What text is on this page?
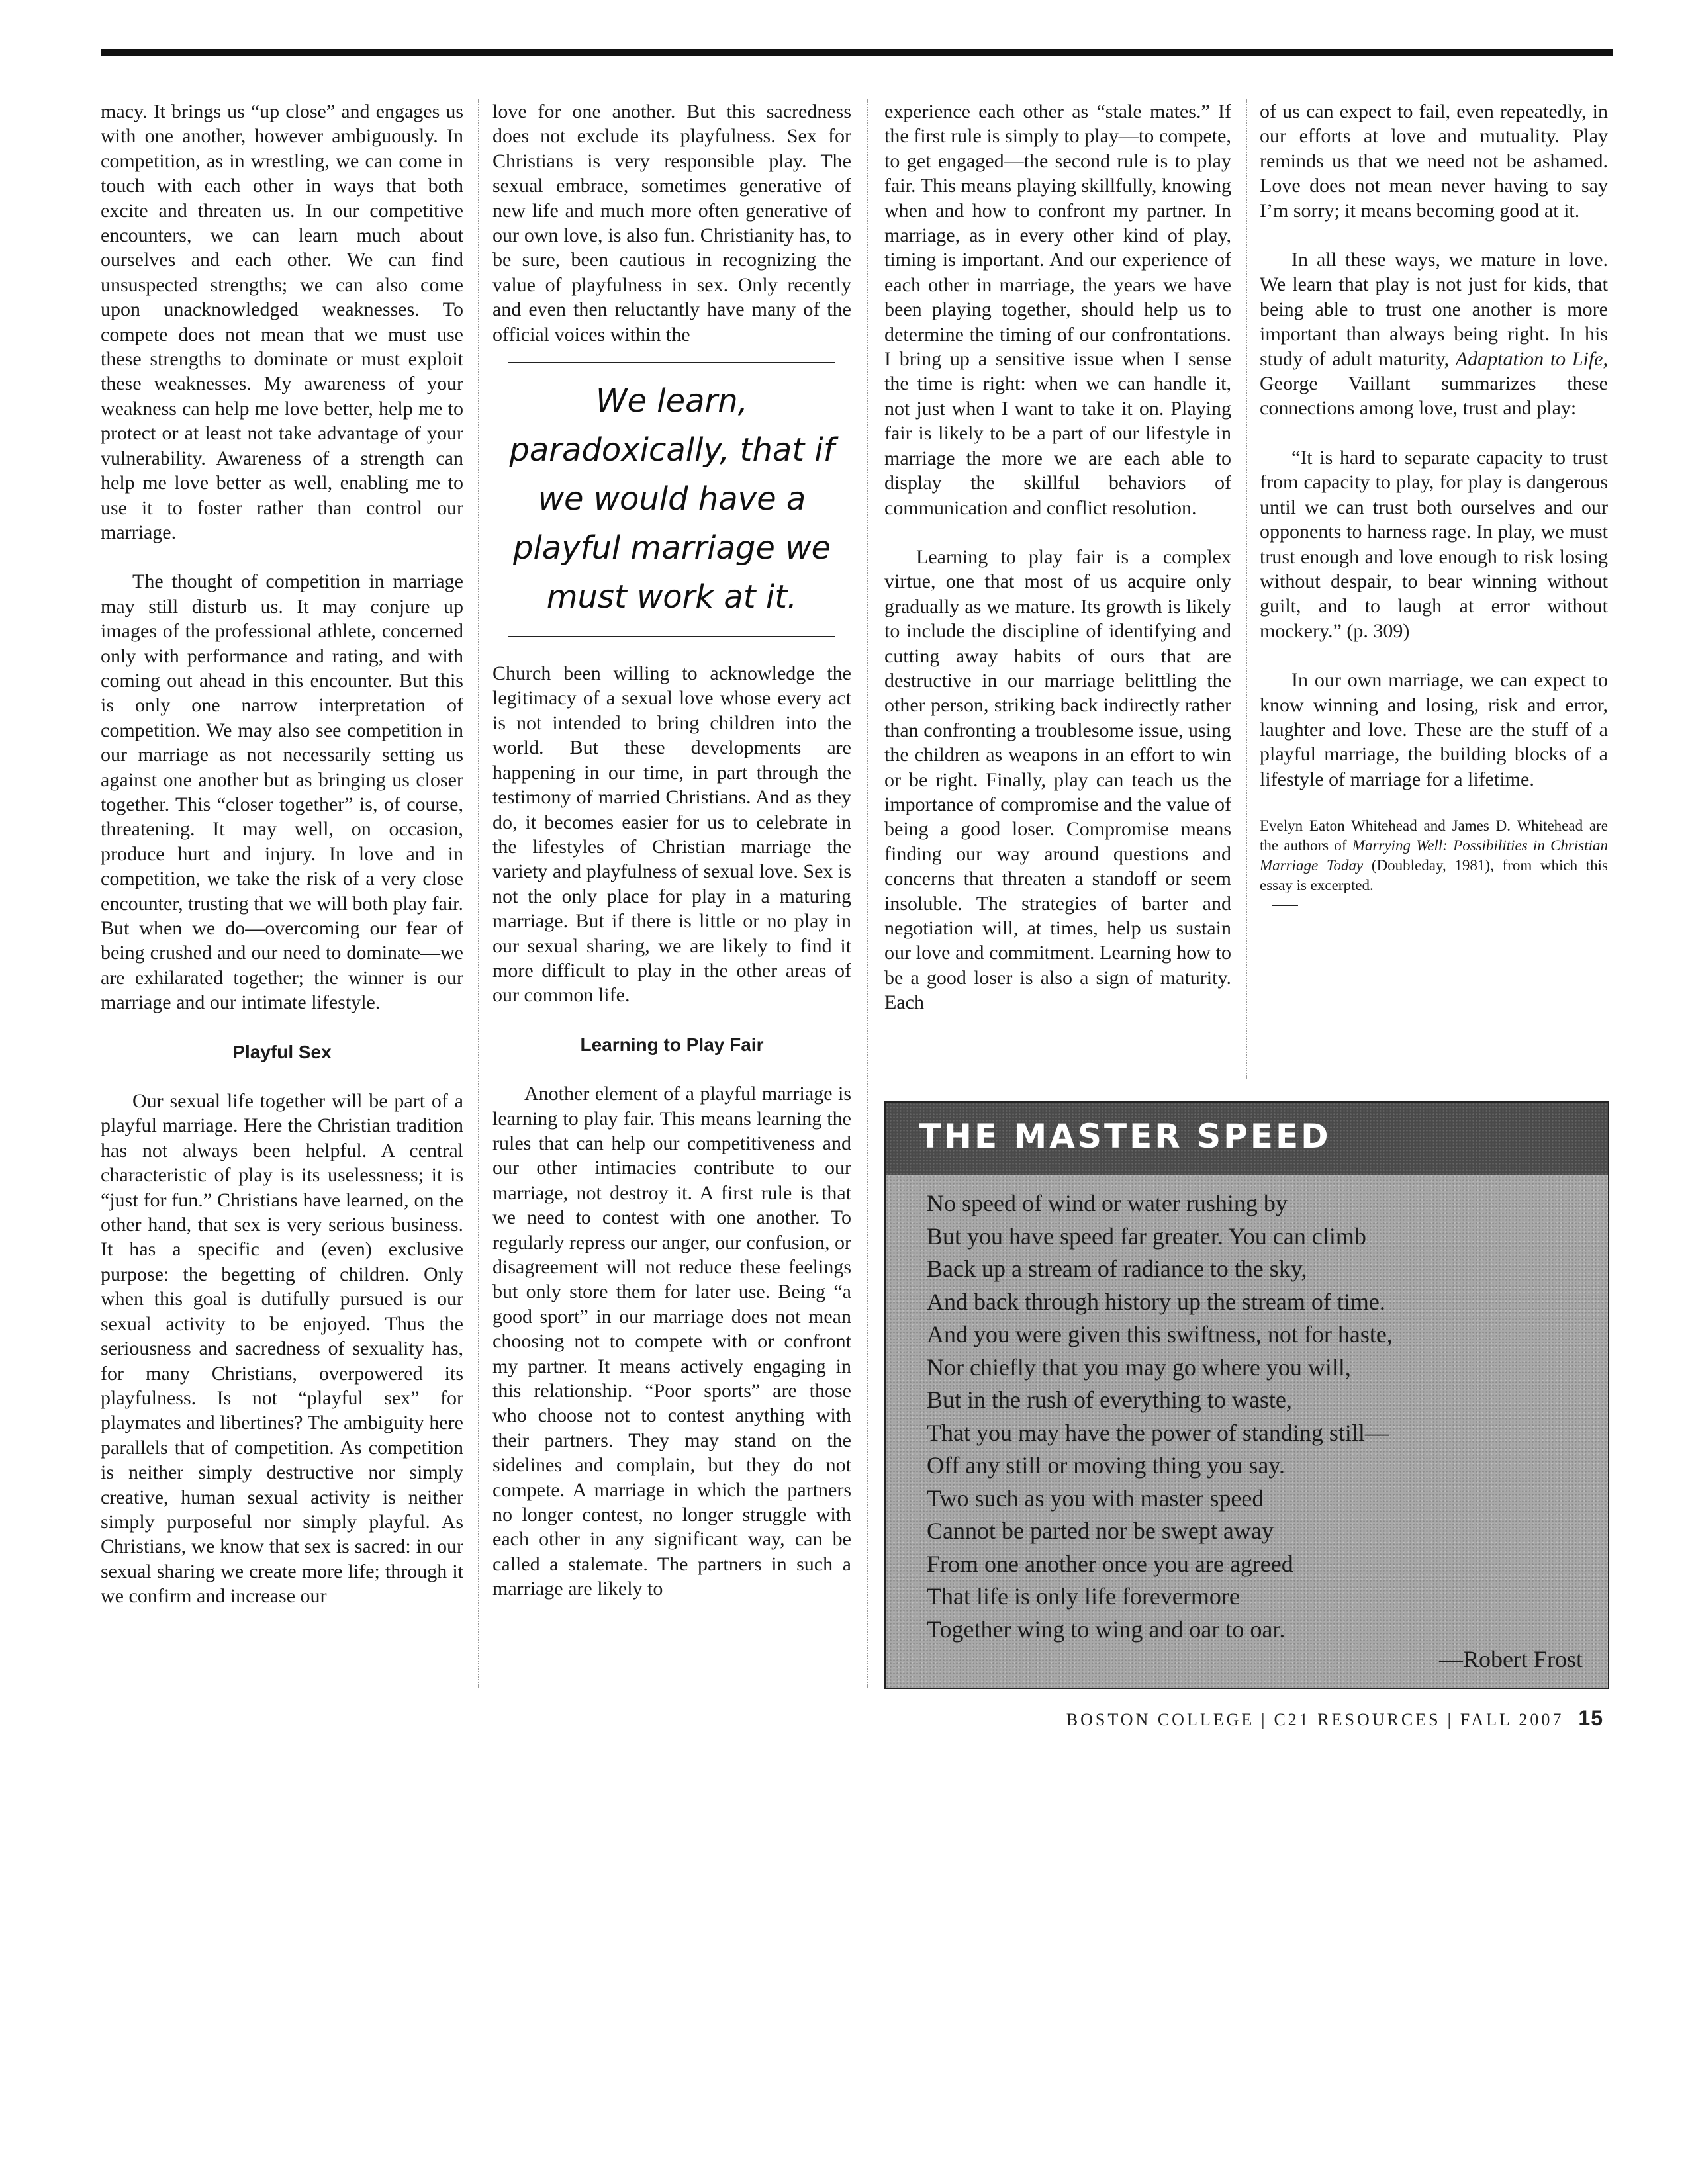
macy. It brings us “up close” and engages us with one another, however ambiguously. In competition, as in wrestling, we can come in touch with each other in ways that both excite and threaten us. In our competitive encounters, we can learn much about ourselves and each other. We can find unsuspected strengths; we can also come upon unacknowledged weaknesses. To compete does not mean that we must use these strengths to dominate or must exploit these weaknesses. My awareness of your weakness can help me love better, help me to protect or at least not take advantage of your vulnerability. Awareness of a strength can help me love better as well, enabling me to use it to foster rather than control our marriage.

The thought of competition in marriage may still disturb us. It may conjure up images of the professional athlete, concerned only with performance and rating, and with coming out ahead in this encounter. But this is only one narrow interpretation of competition. We may also see competition in our marriage as not necessarily setting us against one another but as bringing us closer together. This “closer together” is, of course, threatening. It may well, on occasion, produce hurt and injury. In love and in competition, we take the risk of a very close encounter, trusting that we will both play fair. But when we do—overcoming our fear of being crushed and our need to dominate—we are exhilarated together; the winner is our marriage and our intimate lifestyle.

Playful Sex

Our sexual life together will be part of a playful marriage. Here the Christian tradition has not always been helpful. A central characteristic of play is its uselessness; it is “just for fun.” Christians have learned, on the other hand, that sex is very serious business. It has a specific and (even) exclusive purpose: the begetting of children. Only when this goal is dutifully pursued is our sexual activity to be enjoyed. Thus the seriousness and sacredness of sexuality has, for many Christians, overpowered its playfulness. Is not “playful sex” for playmates and libertines? The ambiguity here parallels that of competition. As competition is neither simply destructive nor simply creative, human sexual activity is neither simply purposeful nor simply playful. As Christians, we know that sex is sacred: in our sexual sharing we create more life; through it we confirm and increase our

love for one another. But this sacredness does not exclude its playfulness. Sex for Christians is very responsible play. The sexual embrace, sometimes generative of new life and much more often generative of our own love, is also fun. Christianity has, to be sure, been cautious in recognizing the value of playfulness in sex. Only recently and even then reluctantly have many of the official voices within the

We learn, paradoxically, that if we would have a playful marriage we must work at it.

Church been willing to acknowledge the legitimacy of a sexual love whose every act is not intended to bring children into the world. But these developments are happening in our time, in part through the testimony of married Christians. And as they do, it becomes easier for us to celebrate in the lifestyles of Christian marriage the variety and playfulness of sexual love. Sex is not the only place for play in a maturing marriage. But if there is little or no play in our sexual sharing, we are likely to find it more difficult to play in the other areas of our common life.

Learning to Play Fair

Another element of a playful marriage is learning to play fair. This means learning the rules that can help our competitiveness and our other intimacies contribute to our marriage, not destroy it. A first rule is that we need to contest with one another. To regularly repress our anger, our confusion, or disagreement will not reduce these feelings but only store them for later use. Being “a good sport” in our marriage does not mean choosing not to compete with or confront my partner. It means actively engaging in this relationship. “Poor sports” are those who choose not to contest anything with their partners. They may stand on the sidelines and complain, but they do not compete. A marriage in which the partners no longer contest, no longer struggle with each other in any significant way, can be called a stalemate. The partners in such a marriage are likely to

experience each other as “stale mates.” If the first rule is simply to play—to compete, to get engaged—the second rule is to play fair. This means playing skillfully, knowing when and how to confront my partner. In marriage, as in every other kind of play, timing is important. And our experience of each other in marriage, the years we have been playing together, should help us to determine the timing of our confrontations. I bring up a sensitive issue when I sense the time is right: when we can handle it, not just when I want to take it on. Playing fair is likely to be a part of our lifestyle in marriage the more we are each able to display the skillful behaviors of communication and conflict resolution.

Learning to play fair is a complex virtue, one that most of us acquire only gradually as we mature. Its growth is likely to include the discipline of identifying and cutting away habits of ours that are destructive in our marriage belittling the other person, striking back indirectly rather than confronting a troublesome issue, using the children as weapons in an effort to win or be right. Finally, play can teach us the importance of compromise and the value of being a good loser. Compromise means finding our way around questions and concerns that threaten a standoff or seem insoluble. The strategies of barter and negotiation will, at times, help us sustain our love and commitment. Learning how to be a good loser is also a sign of maturity. Each

of us can expect to fail, even repeatedly, in our efforts at love and mutuality. Play reminds us that we need not be ashamed. Love does not mean never having to say I’m sorry; it means becoming good at it.

In all these ways, we mature in love. We learn that play is not just for kids, that being able to trust one another is more important than always being right. In his study of adult maturity, Adaptation to Life, George Vaillant summarizes these connections among love, trust and play:

“It is hard to separate capacity to trust from capacity to play, for play is dangerous until we can trust both ourselves and our opponents to harness rage. In play, we must trust enough and love enough to risk losing without despair, to bear winning without guilt, and to laugh at error without mockery.” (p. 309)

In our own marriage, we can expect to know winning and losing, risk and error, laughter and love. These are the stuff of a playful marriage, the building blocks of a lifestyle of marriage for a lifetime.

Evelyn Eaton Whitehead and James D. Whitehead are the authors of Marrying Well: Possibilities in Christian Marriage Today (Doubleday, 1981), from which this essay is excerpted.
THE MASTER SPEED
No speed of wind or water rushing by
But you have speed far greater. You can climb
Back up a stream of radiance to the sky,
And back through history up the stream of time.
And you were given this swiftness, not for haste,
Nor chiefly that you may go where you will,
But in the rush of everything to waste,
That you may have the power of standing still—
Off any still or moving thing you say.
Two such as you with master speed
Cannot be parted nor be swept away
From one another once you are agreed
That life is only life forevermore
Together wing to wing and oar to oar.
—Robert Frost
BOSTON COLLEGE | C21 RESOURCES | FALL 2007 15
